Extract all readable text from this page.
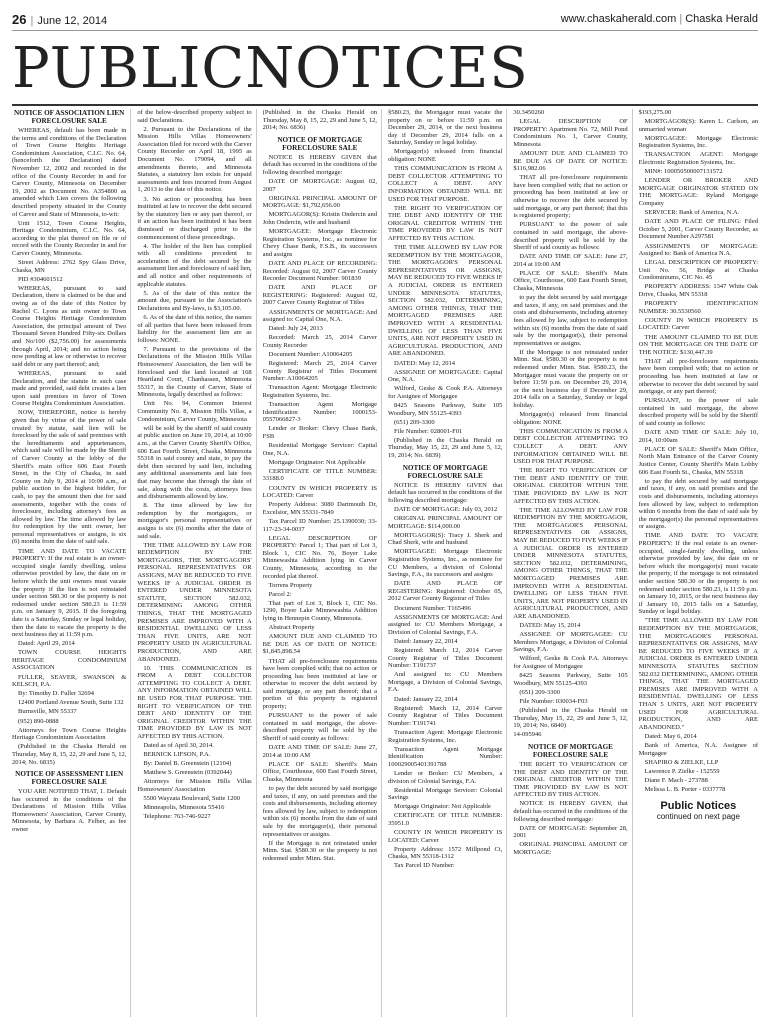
26 | June 12, 2014	www.chaskaherald.com | Chaska Herald
PUBLICNOTICES

NOTICE OF ASSOCIATION LIEN FORECLOSURE SALE

WHEREAS, default has been made in the terms and conditions of the Declaration of Town Course Heights Heritage Condominium Association, C.I.C. No. 64, (henceforth the Declaration) dated November 12, 2002 and recorded in the office of the County Recorder in and for Carver County, Minnesota on December 19, 2002 as Document No. A354800 as amended which Lien covers the following described property situated in the County of Carver and State of Minnesota, to-wit:

Unit 1512, Town Course Heights, Heritage Condominium, C.I.C. No. 64, according to the plat thereof on file or of record with the County Recorder in and for Carver County, Minnesota.

Street Address: 2762 Spy Glass Drive, Chaska, MN

PID #304601512

WHEREAS, pursuant to said Declaration, there is claimed to be due and owing as of the date of this Notice by Rachel C. Lyons as unit owner to Town Course Heights Heritage Condominium Association, the principal amount of Two Thousand Seven Hundred Fifty-six Dollars and No/100 ($2,756.00) for assessments through April, 2014; and no action being now pending at law or otherwise to recover said debt or any part thereof; and;

WHEREAS, pursuant to said Declaration, and the statute in such case made and provided, said debt creates a lien upon said premises in favor of Town Course Heights Condominium Association.

NOW, THEREFORE, notice is hereby given that by virtue of the power of sale created by statute, said lien will be foreclosed by the sale of said premises with the hereditaments and appurtenances, which said sale will be made by the Sheriff of Carver County at the lobby of the Sheriff's main office 606 East Fourth Street, in the City of Chaska, in said County on July 9, 2014 at 10:00 a.m., at public auction to the highest bidder, for cash, to pay the amount then due for said assessments, together with the costs of foreclosure, including attorney's fees as allowed by law. The time allowed by law for redemption by the unit owner, her personal representatives or assigns, is six (6) months from the date of said sale.

TIME AND DATE TO VACATE PROPERTY: If the real estate is an owner-occupied single family dwelling, unless otherwise provided by law, the date on or before which the unit owners must vacate the property if the lien is not reinstated under section 580.30 or the property is not redeemed under section 580.23 is 11:59 p.m. on January 9, 2015. If the foregoing date is a Saturday, Sunday or legal holiday, then the date to vacate the property is the next business day at 11:59 p.m.

Dated: April 29, 2014

TOWN COURSE HEIGHTS HERITAGE CONDOMINIUM ASSOCIATION

FULLER, SEAVER, SWANSON & KELSCH, P.A.

By: Timothy D. Fuller 32694

12400 Portland Avenue South, Suite 132

Burnsville, MN 55337

(952) 890-0888

Attorneys for Town Course Heights Heritage Condominium Association

(Published in the Chaska Herald on Thursday, May 8, 15, 22, 29 and June 5, 12, 2014; No. 6835)

NOTICE OF ASSESSMENT LIEN FORECLOSURE SALE

YOU ARE NOTIFIED THAT, 1. Default has occurred in the conditions of the Declarations of Mission Hills Villas Homeowners' Association, Carver County, Minnesota, by Barbara A. Felber, as fee owner

of the below-described property subject to said Declarations.

2. Pursuant to the Declarations of the Mission Hills Villas Homeowners' Association filed for record with the Carver County Recorder on April 18, 1995 as Document No. 179094, and all amendments thereto, and Minnesota Statutes, a statutory lien exists for unpaid assessments and fees incurred from August 1, 2013 to the date of this notice.

3. No action or proceeding has been instituted at law to recover the debt secured by the statutory lien or any part thereof, or if an action has been instituted it has been dismissed or discharged prior to the commencement of these proceedings.

4. The holder of the lien has complied with all conditions precedent to acceleration of the debt secured by the assessment lien and foreclosure of said lien, and all notice and other requirements of applicable statutes.

5. As of the date of this notice the amount due, pursuant to the Association's Declarations and By-laws, is $3,105.00.

6. As of the date of this notice, the names of all parties that have been released from liability for the assessment lien are as follows: NONE.

7. Pursuant to the provisions of the Declarations of the Mission Hills Villas Homeowners' Association, the lien will be foreclosed and the land located at 168 Heartland Court, Chanhassen, Minnesota 55317, in the County of Carver, State of Minnesota, legally described as follows:

Unit No. 94, Common Interest Community No. 8, Mission Hills Villas, a Condominium, Carver County, Minnesota

will be sold by the sheriff of said county at public auction on June 19, 2014, at 10:00 a.m., at the Carver County Sheriff's Office, 606 East Fourth Street, Chaska, Minnesota 55318 in said county and state, to pay the debt then secured by said lien, including any additional assessments and late fees that may become due through the date of sale, along with the costs, attorneys fees and disbursements allowed by law.

8. The time allowed by law for redemption by the mortgagors, or mortgagor's personal representatives or assigns is six (6) months after the date of said sale.

THE TIME ALLOWED BY LAW FOR REDEMPTION BY THE MORTGAGORS, THE MORTGAGORS' PERSONAL REPRESENTATIVES OR ASSIGNS, MAY BE REDUCED TO FIVE WEEKS IF A JUDICIAL ORDER IS ENTERED UNDER MINNESOTA STATUTE, SECTION 582.032, DETERMINING AMONG OTHER THINGS, THAT THE MORTGAGED PREMISES ARE IMPROVED WITH A RESIDENTIAL DWELLING OF LESS THAN FIVE UNITS, ARE NOT PROPERTY USED IN AGRICULTURAL PRODUCTION, AND ARE ABANDONED.

10. THIS COMMUNICATION IS FROM A DEBT COLLECTOR ATTEMPTING TO COLLECT A DEBT. ANY INFORMATION OBTAINED WILL BE USED FOR THAT PURPOSE. THE RIGHT TO VERIFICATION OF THE DEBT AND IDENTITY OF THE ORIGINAL CREDITOR WITHIN THE TIME PROVIDED BY LAW IS NOT AFFECTED BY THIS ACTION.

Dated as of April 30, 2014.

BERNICK LIFSON, P.A.

By: Daniel B. Greenstein (12104)

Matthew S. Greenstein (0392044)

Attorneys for Mission Hills Villas Homeowners' Association

5500 Wayzata Boulevard, Suite 1200

Minneapolis, Minnesota 55416

Telephone: 763-746-9227

(Published in the Chaska Herald on Thursday, May 8, 15, 22, 29 and June 5, 12, 2014; No. 6836)

NOTICE OF MORTGAGE FORECLOSURE SALE

NOTICE IS HEREBY GIVEN that default has occurred in the conditions of the following described mortgage:

DATE OF MORTGAGE: August 02, 2007

ORIGINAL PRINCIPAL AMOUNT OF MORTGAGE: $1,792,656.00

MORTGAGOR(S): Kristin Ondercin and John Ondercin, wife and husband

MORTGAGEE: Mortgage Electronic Registration Systems, Inc., as nominee for Chevy Chase Bank, F.S.B., its successors and assigns

DATE AND PLACE OF RECORDING: Recorded: August 02, 2007 Carver County Recorder Document Number: 901839

DATE AND PLACE OF REGISTERING: Registered: August 02, 2007 Carver County Registrar of Titles

ASSIGNMENTS OF MORTGAGE: And assigned to: Capital One, N.A.

Dated: July 24, 2013

Recorded: March 25, 2014 Carver County Recorder

Document Number: A10064205

Registered: March 25, 2014 Carver County Registrar of Titles Document Number: A10064205

Transaction Agent: Mortgage Electronic Registration Systems, Inc.

Transaction Agent Mortgage Identification Number: 1000153-0557066827-3

Lender or Broker: Chevy Chase Bank, FSB

Residential Mortgage Servicer: Capital One, N.A.

Mortgage Originator: Not Applicable

CERTIFICATE OF TITLE NUMBER: 33188.0

COUNTY IN WHICH PROPERTY IS LOCATED: Carver

Property Address: 3080 Dartmouth Dr, Excelsior, MN 55331-7849

Tax Parcel ID Number: 25.1390030; 33-117-23-34-0037

LEGAL DESCRIPTION OF PROPERTY: Parcel 1; That part of Lot 3, Block 1, CIC No. 76, Boyer Lake Minnewashta Addition lying in Carver County, Minnesota, according to the recorded plat thereof.

Torrens Property

Parcel 2:

That part of Lot 3, Block 1, CIC No. 1290, Boyer Lake Minnewashta Addition lying in Hennepin County, Minnesota.

Abstract Property

AMOUNT DUE AND CLAIMED TO BE DUE AS OF DATE OF NOTICE: $1,845,898.54

THAT all pre-foreclosure requirements have been complied with; that no action or proceeding has been instituted at law or otherwise to recover the debt secured by said mortgage, or any part thereof; that a portion of this property is registered property;

PURSUANT to the power of sale contained in said mortgage, the above-described property will be sold by the Sheriff of said county as follows:

DATE AND TIME OF SALE: June 27, 2014 at 10:00 AM

PLACE OF SALE: Sheriff's Main Office, Courthouse, 600 East Fourth Street, Chaska, Minnesota

to pay the debt secured by said mortgage and taxes, if any, on said premises and the costs and disbursements, including attorney fees allowed by law, subject to redemption within six (6) months from the date of said sale by the mortgagor(s), their personal representatives or assigns.

If the Mortgage is not reinstated under Minn. Stat. §580.30 or the property is not redeemed under Minn. Stat.

§580.23, the Mortgagor must vacate the property on or before 11:59 p.m. on December 29, 2014, or the next business day if December 29, 2014 falls on a Saturday, Sunday or legal holiday.

Mortgagor(s) released from financial obligation: NONE

THIS COMMUNICATION IS FROM A DEBT COLLECTOR ATTEMPTING TO COLLECT A DEBT. ANY INFORMATION OBTAINED WILL BE USED FOR THAT PURPOSE.

THE RIGHT TO VERIFICATION OF THE DEBT AND IDENTITY OF THE ORIGINAL CREDITOR WITHIN THE TIME PROVIDED BY LAW IS NOT AFFECTED BY THIS ACTION.

THE TIME ALLOWED BY LAW FOR REDEMPTION BY THE MORTGAGOR, THE MORTGAGOR'S PERSONAL REPRESENTATIVES OR ASSIGNS, MAY BE REDUCED TO FIVE WEEKS IF A JUDICIAL ORDER IS ENTERED UNDER MINNESOTA STATUTES, SECTION 582.032, DETERMINING, AMONG OTHER THINGS, THAT THE MORTGAGED PREMISES ARE IMPROVED WITH A RESIDENTIAL DWELLING OF LESS THAN FIVE UNITS, ARE NOT PROPERTY USED IN AGRICULTURAL PRODUCTION, AND ARE ABANDONED.

DATED: May 12, 2014

ASSIGNEE OF MORTGAGEE: Capital One, N.A.

Wilford, Geske & Cook P.A. Attorneys for Assignee of Mortgagee

8425 Seasons Parkway, Suite 105 Woodbury, MN 55125-4393

(651) 209-3300

File Number: 028001-F01

(Published in the Chaska Herald on Thursday, May 15, 22, 29 and June 5, 12, 19, 2014; No. 6839)

NOTICE OF MORTGAGE FORECLOSURE SALE

NOTICE IS HEREBY GIVEN that default has occurred in the conditions of the following described mortgage:

DATE OF MORTGAGE: July 03, 2012

ORIGINAL PRINCIPAL AMOUNT OF MORTGAGE: $114,000.00

MORTGAGOR(S): Tracy J. Sherk and Chad Sherk, wife and husband

MORTGAGEE: Mortgage Electronic Registration Systems, Inc., as nominee for CU Members, a division of Colonial Savings, F.A., its successors and assigns

DATE AND PLACE OF REGISTERING: Registered: October 05, 2012 Carver County Registrar of Titles

Document Number: T165496

ASSIGNMENTS OF MORTGAGE: And assigned to: CU Members Mortgage, a Division of Colonial Savings, F.A.

Dated: January 22, 2014

Registered: March 12, 2014 Carver County Registrar of Titles Document Number: T191737

And assigned to: CU Members Mortgage, a Division of Colonial Savings, F.A.

Dated: January 22, 2014

Registered: March 12, 2014 Carver County Registrar of Titles Document Number: T191741

Transaction Agent: Mortgage Electronic Registration Systems, Inc.

Transaction Agent Mortgage Identification Number: 100029005401391788

Lender or Broker: CU Members, a division of Colonial Savings, F.A.

Residential Mortgage Servicer: Colonial Savings

Mortgage Originator: Not Applicable

CERTIFICATE OF TITLE NUMBER: 35951.0

COUNTY IN WHICH PROPERTY IS LOCATED: Carver

Property Address: 1572 Millpond Ct, Chaska, MN 55318-1312

Tax Parcel ID Number:

30.3450260

LEGAL DESCRIPTION OF PROPERTY: Apartment No. 72, Mill Pond Condominium No. 1, Carver County, Minnesota

AMOUNT DUE AND CLAIMED TO BE DUE AS OF DATE OF NOTICE: $116,982.06

THAT all pre-foreclosure requirements have been complied with; that no action or proceeding has been instituted at law or otherwise to recover the debt secured by said mortgage, or any part thereof; that this is registered property;

PURSUANT to the power of sale contained in said mortgage, the above-described property will be sold by the Sheriff of said county as follows:

DATE AND TIME OF SALE: June 27, 2014 at 10:00 AM

PLACE OF SALE: Sheriff's Main Office, Courthouse, 600 East Fourth Street, Chaska, Minnesota

to pay the debt secured by said mortgage and taxes, if any, on said premises and the costs and disbursements, including attorney fees allowed by law, subject to redemption within six (6) months from the date of said sale by the mortgagor(s), their personal representatives or assigns.

If the Mortgage is not reinstated under Minn. Stat. §580.30 or the property is not redeemed under Minn. Stat. §580.23, the Mortgagor must vacate the property on or before 11:59 p.m. on December 29, 2014, or the next business day if December 29, 2014 falls on a Saturday, Sunday or legal holiday.

Mortgagor(s) released from financial obligation: NONE

THIS COMMUNICATION IS FROM A DEBT COLLECTOR ATTEMPTING TO COLLECT A DEBT. ANY INFORMATION OBTAINED WILL BE USED FOR THAT PURPOSE.

THE RIGHT TO VERIFICATION OF THE DEBT AND IDENTITY OF THE ORIGINAL CREDITOR WITHIN THE TIME PROVIDED BY LAW IS NOT AFFECTED BY THIS ACTION.

THE TIME ALLOWED BY LAW FOR REDEMPTION BY THE MORTGAGOR, THE MORTGAGOR'S PERSONAL REPRESENTATIVES OR ASSIGNS, MAY BE REDUCED TO FIVE WEEKS IF A JUDICIAL ORDER IS ENTERED UNDER MINNESOTA STATUTES, SECTION 582.032, DETERMINING, AMONG OTHER THINGS, THAT THE MORTGAGED PREMISES ARE IMPROVED WITH A RESIDENTIAL DWELLING OF LESS THAN FIVE UNITS, ARE NOT PROPERTY USED IN AGRICULTURAL PRODUCTION, AND ARE ABANDONED.

DATED: May 15, 2014

ASSIGNEE OF MORTGAGEE: CU Members Mortgage, a Division of Colonial Savings, F.A.

Wilford, Geske & Cook P.A. Attorneys for Assignee of Mortgagee

8425 Seasons Parkway, Suite 105 Woodbury, MN 55125-4393

(651) 209-3300

File Number: 030034-F03

(Published in the Chaska Herald on Thursday, May 15, 22, 29 and June 5, 12, 19, 2014; No. 6840)

14-095946

NOTICE OF MORTGAGE FORECLOSURE SALE

THE RIGHT TO VERIFICATION OF THE DEBT AND IDENTITY OF THE ORIGINAL CREDITOR WITHIN THE TIME PROVIDED BY LAW IS NOT AFFECTED BY THIS ACTION.

NOTICE IS HEREBY GIVEN, that default has occurred in the conditions of the following described mortgage:

DATE OF MORTGAGE: September 28, 2001

ORIGINAL PRINCIPAL AMOUNT OF MORTGAGE:

$193,275.00

MORTGAGOR(S): Karen L. Carlson, an unmarried woman

MORTGAGEE: Mortgage Electronic Registration Systems, Inc.

TRANSACTION AGENT: Mortgage Electronic Registration Systems, Inc.

MIN#: 100050500007131572

LENDER OR BROKER AND MORTGAGE ORIGINATOR STATED ON THE MORTGAGE: Ryland Mortgage Company

SERVICER: Bank of America, N.A.

DATE AND PLACE OF FILING: Filed October 5, 2001, Carver County Recorder, as Document Number A297581

ASSIGNMENTS OF MORTGAGE: Assigned to: Bank of America N.A.

LEGAL DESCRIPTION OF PROPERTY: Unit No. 56, Bridge at Chaska Condominiums, CIC No. 45

PROPERTY ADDRESS: 1347 White Oak Drive, Chaska, MN 55318

PROPERTY IDENTIFICATION NUMBER: 30.5530560

COUNTY IN WHICH PROPERTY IS LOCATED: Carver

THE AMOUNT CLAIMED TO BE DUE ON THE MORTGAGE ON THE DATE OF THE NOTICE: $130,447.39

THAT all pre-foreclosure requirements have been complied with; that no action or proceeding has been instituted at law or otherwise to recover the debt secured by said mortgage, or any part thereof;

PURSUANT, to the power of sale contained in said mortgage, the above described property will be sold by the Sheriff of said county as follows:

DATE AND TIME OF SALE: July 10, 2014, 10:00am

PLACE OF SALE: Sheriff's Main Office, North Main Entrance of the Carver County Justice Center, County Sheriff's Main Lobby 606 East Fourth St., Chaska, MN 55318

to pay the debt secured by said mortgage and taxes, if any, on said premises and the costs and disbursements, including attorneys fees allowed by law, subject to redemption within 6 months from the date of said sale by the mortgagor(s) the personal representatives or assigns.

TIME AND DATE TO VACATE PROPERTY: If the real estate is an owner-occupied, single-family dwelling, unless otherwise provided by law, the date on or before which the mortgagor(s) must vacate the property, if the mortgage is not reinstated under section 580.30 or the property is not redeemed under section 580.23, is 11:59 p.m. on January 10, 2015, or the next business day if January 10, 2015 falls on a Saturday, Sunday or legal holiday.

"THE TIME ALLOWED BY LAW FOR REDEMPTION BY THE MORTGAGOR, THE MORTGAGOR'S PERSONAL REPRESENTATIVES OR ASSIGNS, MAY BE REDUCED TO FIVE WEEKS IF A JUDICIAL ORDER IS ENTERED UNDER MINNESOTA STATUTES SECTION 582.032 DETERMINING, AMONG OTHER THINGS, THAT THE MORTGAGED PREMISES ARE IMPROVED WITH A RESIDENTIAL DWELLING OF LESS THAN 5 UNITS, ARE NOT PROPERTY USED FOR AGRICULTURAL PRODUCTION, AND ARE ABANDONED."

Dated: May 6, 2014

Bank of America, N.A. Assignee of Mortgagee

SHAPIRO & ZIELKE, LLP

Lawrence P. Zielke - 152559

Diane F. Mach - 273788

Melissa L. B. Porter - 0337778

Public Notices
continued on next page
